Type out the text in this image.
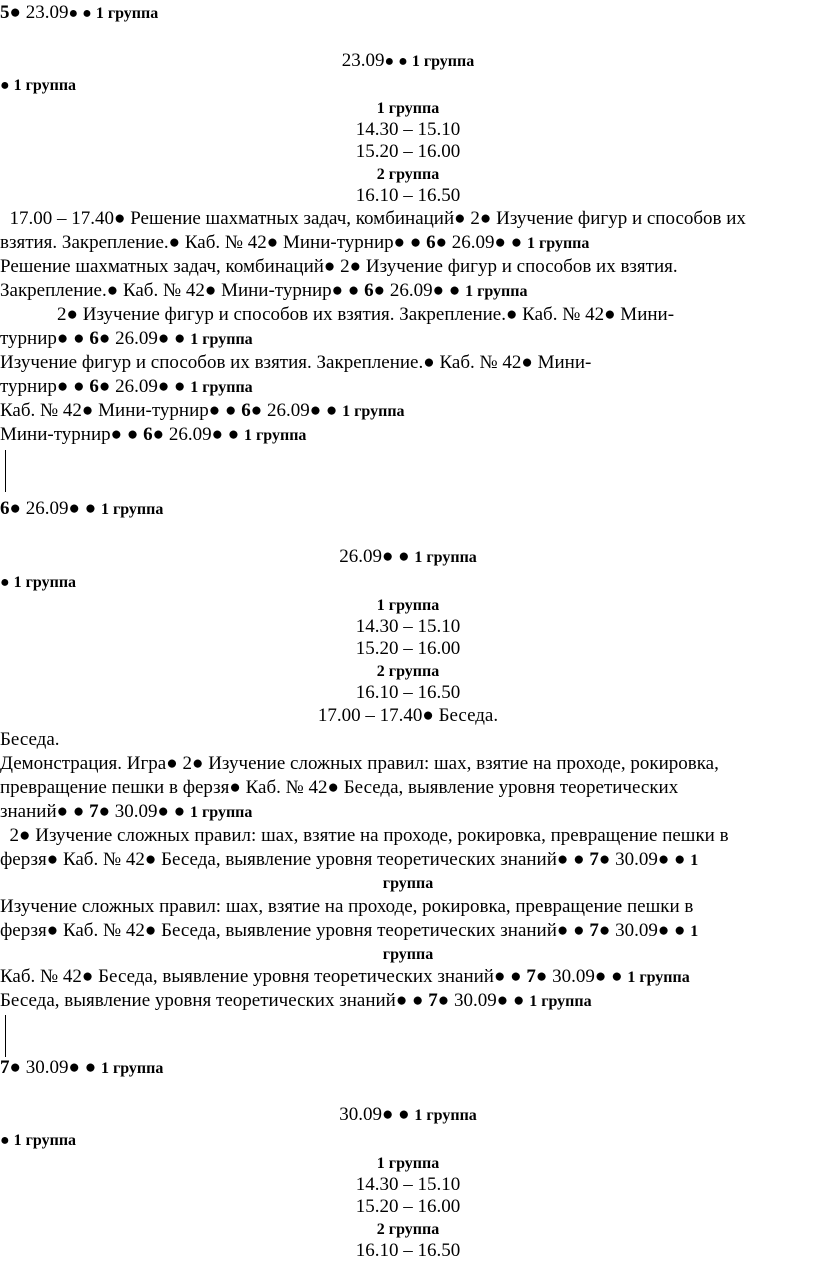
5● 23.09● ● 1 группа
23.09● ● 1 группа
● 1 группа
1 группа
14.30 – 15.10
15.20 – 16.00
2 группа
16.10 – 16.50
17.00 – 17.40● Решение шахматных задач, комбинаций● 2● Изучение фигур и способов их
взятия. Закрепление.● Каб. № 42● Мини-турнир● ● 6● 26.09● ● 1 группа
Решение шахматных задач, комбинаций● 2● Изучение фигур и способов их взятия.
Закрепление.● Каб. № 42● Мини-турнир● ● 6● 26.09● ● 1 группа
2● Изучение фигур и способов их взятия. Закрепление.● Каб. № 42● Мини-
турнир● ● 6● 26.09● ● 1 группа
Изучение фигур и способов их взятия. Закрепление.● Каб. № 42● Мини-
турнир● ● 6● 26.09● ● 1 группа
Каб. № 42● Мини-турнир● ● 6● 26.09● ● 1 группа
Мини-турнир● ● 6● 26.09● ● 1 группа
6● 26.09● ● 1 группа
26.09● ● 1 группа
● 1 группа
1 группа
14.30 – 15.10
15.20 – 16.00
2 группа
16.10 – 16.50
17.00 – 17.40● Беседа.
Беседа.
Демонстрация. Игра● 2● Изучение сложных правил: шах, взятие на проходе, рокировка,
превращение пешки в ферзя● Каб. № 42● Беседа, выявление уровня теоретических
знаний● ● 7● 30.09● ● 1 группа
2● Изучение сложных правил: шах, взятие на проходе, рокировка, превращение пешки в
ферзя● Каб. № 42● Беседа, выявление уровня теоретических знаний● ● 7● 30.09● ● 1
группа
Изучение сложных правил: шах, взятие на проходе, рокировка, превращение пешки в
ферзя● Каб. № 42● Беседа, выявление уровня теоретических знаний● ● 7● 30.09● ● 1
группа
Каб. № 42● Беседа, выявление уровня теоретических знаний● ● 7● 30.09● ● 1 группа
Беседа, выявление уровня теоретических знаний● ● 7● 30.09● ● 1 группа
7● 30.09● ● 1 группа
30.09● ● 1 группа
● 1 группа
1 группа
14.30 – 15.10
15.20 – 16.00
2 группа
16.10 – 16.50
